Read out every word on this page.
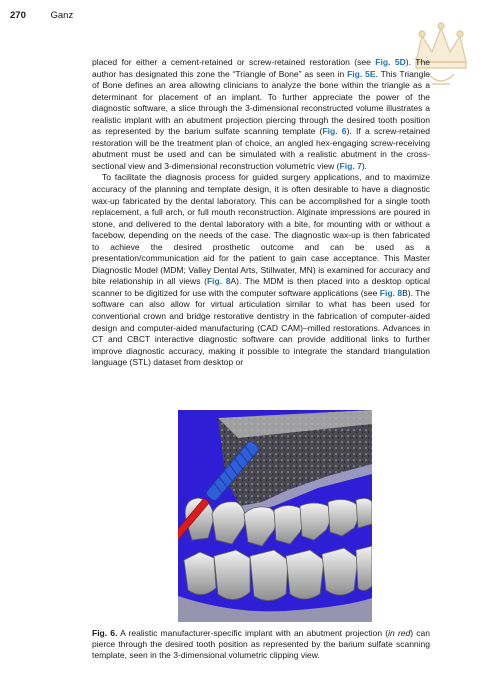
270	Ganz

placed for either a cement-retained or screw-retained restoration (see Fig. 5D). The author has designated this zone the “Triangle of Bone” as seen in Fig. 5E. This Triangle of Bone defines an area allowing clinicians to analyze the bone within the triangle as a determinant for placement of an implant. To further appreciate the power of the diagnostic software, a slice through the 3-dimensional reconstructed volume illustrates a realistic implant with an abutment projection piercing through the desired tooth position as represented by the barium sulfate scanning template (Fig. 6). If a screw-retained restoration will be the treatment plan of choice, an angled hex-engaging screw-receiving abutment must be used and can be simulated with a realistic abutment in the cross-sectional view and 3-dimensional reconstruction volumetric view (Fig. 7).

To facilitate the diagnosis process for guided surgery applications, and to maximize accuracy of the planning and template design, it is often desirable to have a diagnostic wax-up fabricated by the dental laboratory. This can be accomplished for a single tooth replacement, a full arch, or full mouth reconstruction. Alginate impressions are poured in stone, and delivered to the dental laboratory with a bite, for mounting with or without a facebow, depending on the needs of the case. The diagnostic wax-up is then fabricated to achieve the desired prosthetic outcome and can be used as a presentation/communication aid for the patient to gain case acceptance. This Master Diagnostic Model (MDM; Valley Dental Arts, Stillwater, MN) is examined for accuracy and bite relationship in all views (Fig. 8A). The MDM is then placed into a desktop optical scanner to be digitized for use with the computer software applications (see Fig. 8B). The software can also allow for virtual articulation similar to what has been used for conventional crown and bridge restorative dentistry in the fabrication of computer-aided design and computer-aided manufacturing (CAD CAM)–milled restorations. Advances in CT and CBCT interactive diagnostic software can provide additional links to further improve diagnostic accuracy, making it possible to integrate the standard triangulation language (STL) dataset from desktop or

Fig. 6. A realistic manufacturer-specific implant with an abutment projection (in red) can pierce through the desired tooth position as represented by the barium sulfate scanning template, seen in the 3-dimensional volumetric clipping view.
